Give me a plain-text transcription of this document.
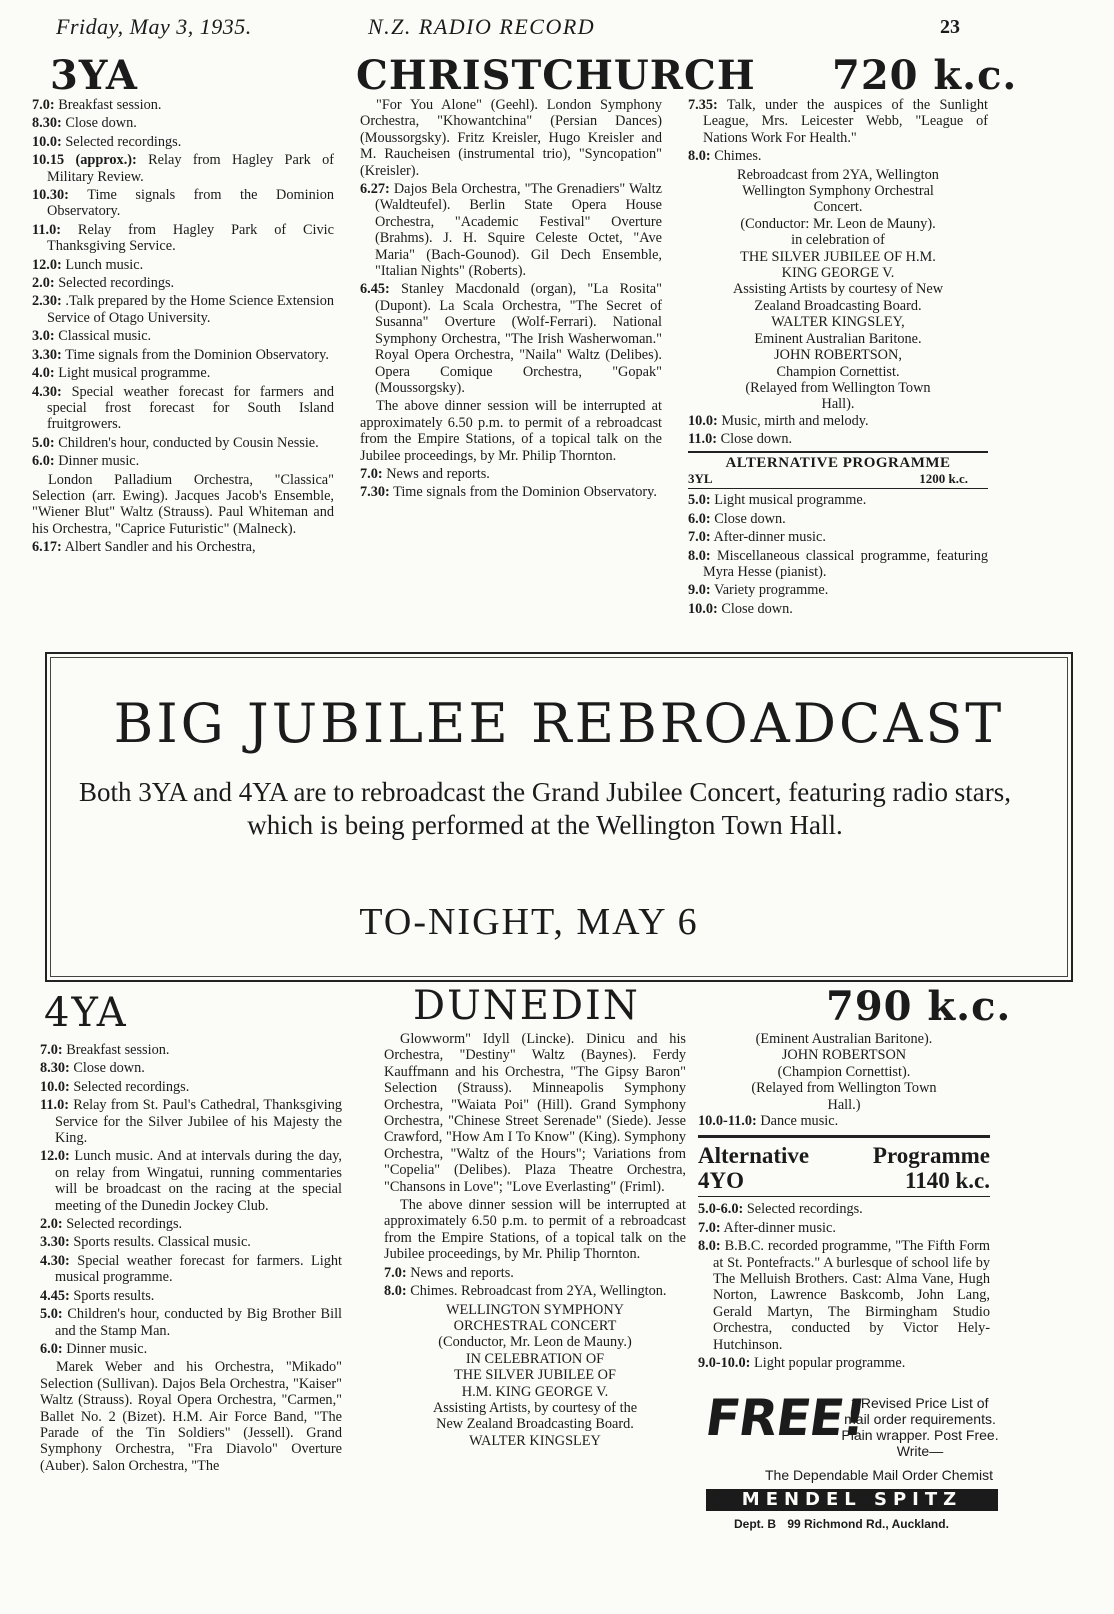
Friday, May 3, 1935.	N.Z. RADIO RECORD	23
3YA	CHRISTCHURCH 720 k.c.

7.0: Breakfast session.

8.30: Close down.

10.0: Selected recordings.

10.15 (approx.): Relay from Hagley Park of Military Review.

10.30: Time signals from the Dominion Observatory.

11.0: Relay from Hagley Park of Civic Thanksgiving Service.

12.0: Lunch music.

2.0: Selected recordings.

2.30: .Talk prepared by the Home Science Extension Service of Otago University.

3.0: Classical music.

3.30: Time signals from the Dominion Observatory.

4.0: Light musical programme.

4.30: Special weather forecast for farmers and special frost forecast for South Island fruitgrowers.

5.0: Children's hour, conducted by Cousin Nessie.

6.0: Dinner music.

London Palladium Orchestra, "Classica" Selection (arr. Ewing). Jacques Jacob's Ensemble, "Wiener Blut" Waltz (Strauss). Paul Whiteman and his Orchestra, "Caprice Futuristic" (Malneck).

6.17: Albert Sandler and his Orchestra,

"For You Alone" (Geehl). London Symphony Orchestra, "Khowantchina" (Persian Dances) (Moussorgsky). Fritz Kreisler, Hugo Kreisler and M. Raucheisen (instrumental trio), "Syncopation" (Kreisler).

6.27: Dajos Bela Orchestra, "The Grenadiers" Waltz (Waldteufel). Berlin State Opera House Orchestra, "Academic Festival" Overture (Brahms). J. H. Squire Celeste Octet, "Ave Maria" (Bach-Gounod). Gil Dech Ensemble, "Italian Nights" (Roberts).

6.45: Stanley Macdonald (organ), "La Rosita" (Dupont). La Scala Orchestra, "The Secret of Susanna" Overture (Wolf-Ferrari). National Symphony Orchestra, "The Irish Washerwoman." Royal Opera Orchestra, "Naila" Waltz (Delibes). Opera Comique Orchestra, "Gopak" (Moussorgsky).

The above dinner session will be interrupted at approximately 6.50 p.m. to permit of a rebroadcast from the Empire Stations, of a topical talk on the Jubilee proceedings, by Mr. Philip Thornton.

7.0: News and reports.

7.30: Time signals from the Dominion Observatory.

7.35: Talk, under the auspices of the Sunlight League, Mrs. Leicester Webb, "League of Nations Work For Health."

8.0: Chimes.

Rebroadcast from 2YA, Wellington
Wellington Symphony Orchestral
Concert.
(Conductor: Mr. Leon de Mauny).
in celebration of
THE SILVER JUBILEE OF H.M.
KING GEORGE V.
Assisting Artists by courtesy of New
Zealand Broadcasting Board.
WALTER KINGSLEY,
Eminent Australian Baritone.
JOHN ROBERTSON,
Champion Cornettist.
(Relayed from Wellington Town
Hall).

10.0: Music, mirth and melody.

11.0: Close down.

ALTERNATIVE PROGRAMME
3YL	1200 k.c.

5.0: Light musical programme.

6.0: Close down.

7.0: After-dinner music.

8.0: Miscellaneous classical programme, featuring Myra Hesse (pianist).

9.0: Variety programme.

10.0: Close down.

BIG JUBILEE REBROADCAST
Both 3YA and 4YA are to rebroadcast the Grand Jubilee Concert, featuring radio stars, which is being performed at the Wellington Town Hall.
TO-NIGHT, MAY 6
4YA	DUNEDIN	790 k.c.

7.0: Breakfast session.

8.30: Close down.

10.0: Selected recordings.

11.0: Relay from St. Paul's Cathedral, Thanksgiving Service for the Silver Jubilee of his Majesty the King.

12.0: Lunch music. And at intervals during the day, on relay from Wingatui, running commentaries will be broadcast on the racing at the special meeting of the Dunedin Jockey Club.

2.0: Selected recordings.

3.30: Sports results. Classical music.

4.30: Special weather forecast for farmers. Light musical programme.

4.45: Sports results.

5.0: Children's hour, conducted by Big Brother Bill and the Stamp Man.

6.0: Dinner music.

Marek Weber and his Orchestra, "Mikado" Selection (Sullivan). Dajos Bela Orchestra, "Kaiser" Waltz (Strauss). Royal Opera Orchestra, "Carmen," Ballet No. 2 (Bizet). H.M. Air Force Band, "The Parade of the Tin Soldiers" (Jessell). Grand Symphony Orchestra, "Fra Diavolo" Overture (Auber). Salon Orchestra, "The

Glowworm" Idyll (Lincke). Dinicu and his Orchestra, "Destiny" Waltz (Baynes). Ferdy Kauffmann and his Orchestra, "The Gipsy Baron" Selection (Strauss). Minneapolis Symphony Orchestra, "Waiata Poi" (Hill). Grand Symphony Orchestra, "Chinese Street Serenade" (Siede). Jesse Crawford, "How Am I To Know" (King). Symphony Orchestra, "Waltz of the Hours"; Variations from "Copelia" (Delibes). Plaza Theatre Orchestra, "Chansons in Love"; "Love Everlasting" (Friml).

The above dinner session will be interrupted at approximately 6.50 p.m. to permit of a rebroadcast from the Empire Stations, of a topical talk on the Jubilee proceedings, by Mr. Philip Thornton.

7.0: News and reports.

8.0: Chimes. Rebroadcast from 2YA, Wellington.

WELLINGTON SYMPHONY
ORCHESTRAL CONCERT
(Conductor, Mr. Leon de Mauny.)
IN CELEBRATION OF
THE SILVER JUBILEE OF
H.M. KING GEORGE V.
Assisting Artists, by courtesy of the
New Zealand Broadcasting Board.
WALTER KINGSLEY
(Eminent Australian Baritone).
JOHN ROBERTSON
(Champion Cornettist).
(Relayed from Wellington Town
Hall.)

10.0-11.0: Dance music.

Alternative	Programme
4YO	1140 k.c.

5.0-6.0: Selected recordings.

7.0: After-dinner music.

8.0: B.B.C. recorded programme, "The Fifth Form at St. Pontefracts." A burlesque of school life by The Melluish Brothers. Cast: Alma Vane, Hugh Norton, Lawrence Baskcomb, John Lang, Gerald Martyn, The Birmingham Studio Orchestra, conducted by Victor Hely-Hutchinson.

9.0-10.0: Light popular programme.

FREE!
* Revised Price List of mail order requirements. Plain wrapper. Post Free. Write—
The Dependable Mail Order Chemist
MENDEL SPITZ
Dept. B 99 Richmond Rd., Auckland.
